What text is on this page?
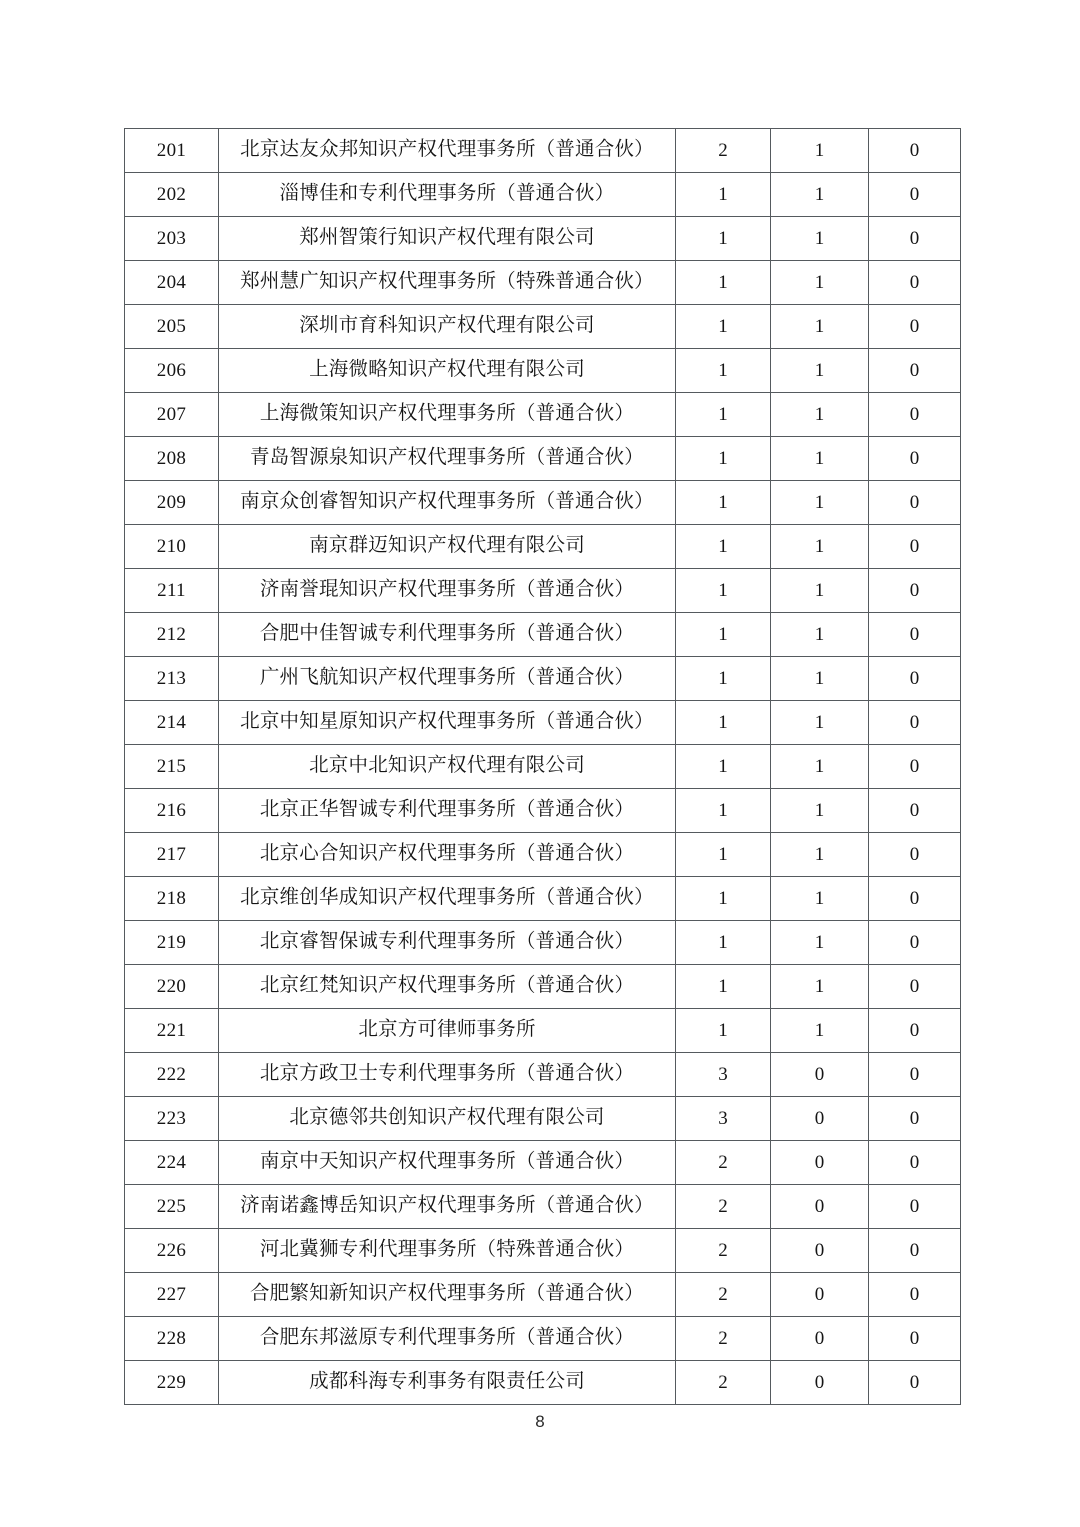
201	北京达友众邦知识产权代理事务所（普通合伙）	2	1	0
202	淄博佳和专利代理事务所（普通合伙）	1	1	0
203	郑州智策行知识产权代理有限公司	1	1	0
204	郑州慧广知识产权代理事务所（特殊普通合伙）	1	1	0
205	深圳市育科知识产权代理有限公司	1	1	0
206	上海微略知识产权代理有限公司	1	1	0
207	上海微策知识产权代理事务所（普通合伙）	1	1	0
208	青岛智源泉知识产权代理事务所（普通合伙）	1	1	0
209	南京众创睿智知识产权代理事务所（普通合伙）	1	1	0
210	南京群迈知识产权代理有限公司	1	1	0
211	济南誉琨知识产权代理事务所（普通合伙）	1	1	0
212	合肥中佳智诚专利代理事务所（普通合伙）	1	1	0
213	广州飞航知识产权代理事务所（普通合伙）	1	1	0
214	北京中知星原知识产权代理事务所（普通合伙）	1	1	0
215	北京中北知识产权代理有限公司	1	1	0
216	北京正华智诚专利代理事务所（普通合伙）	1	1	0
217	北京心合知识产权代理事务所（普通合伙）	1	1	0
218	北京维创华成知识产权代理事务所（普通合伙）	1	1	0
219	北京睿智保诚专利代理事务所（普通合伙）	1	1	0
220	北京红梵知识产权代理事务所（普通合伙）	1	1	0
221	北京方可律师事务所	1	1	0
222	北京方政卫士专利代理事务所（普通合伙）	3	0	0
223	北京德邻共创知识产权代理有限公司	3	0	0
224	南京中天知识产权代理事务所（普通合伙）	2	0	0
225	济南诺鑫博岳知识产权代理事务所（普通合伙）	2	0	0
226	河北冀狮专利代理事务所（特殊普通合伙）	2	0	0
227	合肥繁知新知识产权代理事务所（普通合伙）	2	0	0
228	合肥东邦滋原专利代理事务所（普通合伙）	2	0	0
229	成都科海专利事务有限责任公司	2	0	0
8
